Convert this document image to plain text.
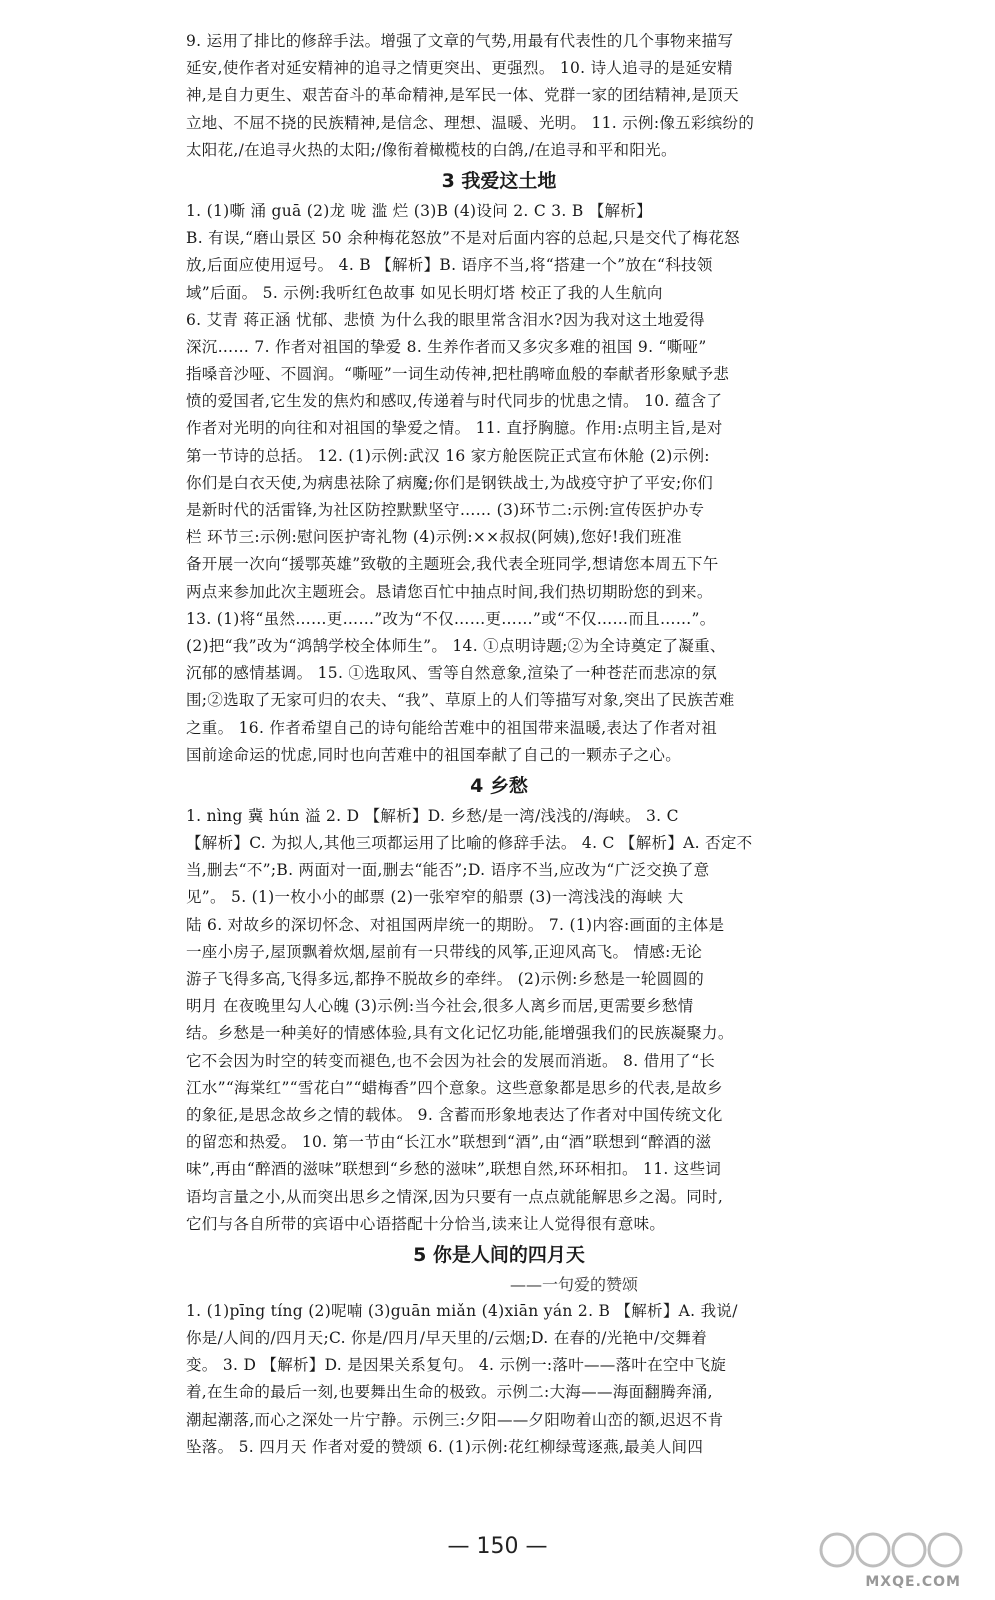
9. 运用了排比的修辞手法。增强了文章的气势,用最有代表性的几个事物来描写
延安,使作者对延安精神的追寻之情更突出、更强烈。 10. 诗人追寻的是延安精
神,是自力更生、艰苦奋斗的革命精神,是军民一体、党群一家的团结精神,是顶天
立地、不屈不挠的民族精神,是信念、理想、温暖、光明。 11. 示例:像五彩缤纷的
太阳花,/在追寻火热的太阳;/像衔着橄榄枝的白鸽,/在追寻和平和阳光。
3 我爱这土地
1. (1)嘶 涌 guā (2)龙 咙 滥 烂 (3)B (4)设问 2. C 3. B 【解析】
B. 有误,“磨山景区 50 余种梅花怒放”不是对后面内容的总起,只是交代了梅花怒
放,后面应使用逗号。 4. B 【解析】B. 语序不当,将“搭建一个”放在“科技领
域”后面。 5. 示例:我听红色故事 如见长明灯塔 校正了我的人生航向
6. 艾青 蒋正涵 忧郁、悲愤 为什么我的眼里常含泪水?因为我对这土地爱得
深沉…… 7. 作者对祖国的挚爱 8. 生养作者而又多灾多难的祖国 9. “嘶哑”
指嗓音沙哑、不圆润。“嘶哑”一词生动传神,把杜鹃啼血般的奉献者形象赋予悲
愤的爱国者,它生发的焦灼和感叹,传递着与时代同步的忧患之情。 10. 蕴含了
作者对光明的向往和对祖国的挚爱之情。 11. 直抒胸臆。作用:点明主旨,是对
第一节诗的总括。 12. (1)示例:武汉 16 家方舱医院正式宣布休舱 (2)示例:
你们是白衣天使,为病患祛除了病魔;你们是钢铁战士,为战疫守护了平安;你们
是新时代的活雷锋,为社区防控默默坚守…… (3)环节二:示例:宣传医护办专
栏 环节三:示例:慰问医护寄礼物 (4)示例:××叔叔(阿姨),您好!我们班准
备开展一次向“援鄂英雄”致敬的主题班会,我代表全班同学,想请您本周五下午
两点来参加此次主题班会。恳请您百忙中抽点时间,我们热切期盼您的到来。
13. (1)将“虽然……更……”改为“不仅……更……”或“不仅……而且……”。
(2)把“我”改为“鸿鹄学校全体师生”。 14. ①点明诗题;②为全诗奠定了凝重、
沉郁的感情基调。 15. ①选取风、雪等自然意象,渲染了一种苍茫而悲凉的氛
围;②选取了无家可归的农夫、“我”、草原上的人们等描写对象,突出了民族苦难
之重。 16. 作者希望自己的诗句能给苦难中的祖国带来温暖,表达了作者对祖
国前途命运的忧虑,同时也向苦难中的祖国奉献了自己的一颗赤子之心。
4 乡愁
1. nìng 冀 hún 溢 2. D 【解析】D. 乡愁/是一湾/浅浅的/海峡。 3. C
【解析】C. 为拟人,其他三项都运用了比喻的修辞手法。 4. C 【解析】A. 否定不
当,删去“不”;B. 两面对一面,删去“能否”;D. 语序不当,应改为“广泛交换了意
见”。 5. (1)一枚小小的邮票 (2)一张窄窄的船票 (3)一湾浅浅的海峡 大
陆 6. 对故乡的深切怀念、对祖国两岸统一的期盼。 7. (1)内容:画面的主体是
一座小房子,屋顶飘着炊烟,屋前有一只带线的风筝,正迎风高飞。 情感:无论
游子飞得多高,飞得多远,都挣不脱故乡的牵绊。 (2)示例:乡愁是一轮圆圆的
明月 在夜晚里勾人心魄 (3)示例:当今社会,很多人离乡而居,更需要乡愁情
结。乡愁是一种美好的情感体验,具有文化记忆功能,能增强我们的民族凝聚力。
它不会因为时空的转变而褪色,也不会因为社会的发展而消逝。 8. 借用了“长
江水”“海棠红”“雪花白”“蜡梅香”四个意象。这些意象都是思乡的代表,是故乡
的象征,是思念故乡之情的载体。 9. 含蓄而形象地表达了作者对中国传统文化
的留恋和热爱。 10. 第一节由“长江水”联想到“酒”,由“酒”联想到“醉酒的滋
味”,再由“醉酒的滋味”联想到“乡愁的滋味”,联想自然,环环相扣。 11. 这些词
语均言量之小,从而突出思乡之情深,因为只要有一点点就能解思乡之渴。同时,
它们与各自所带的宾语中心语搭配十分恰当,读来让人觉得很有意味。
5 你是人间的四月天
——一句爱的赞颂
1. (1)pīng tíng (2)呢喃 (3)guān miǎn (4)xiān yán 2. B 【解析】A. 我说/
你是/人间的/四月天;C. 你是/四月/早天里的/云烟;D. 在春的/光艳中/交舞着
变。 3. D 【解析】D. 是因果关系复句。 4. 示例一:落叶——落叶在空中飞旋
着,在生命的最后一刻,也要舞出生命的极致。示例二:大海——海面翻腾奔涌,
潮起潮落,而心之深处一片宁静。示例三:夕阳——夕阳吻着山峦的额,迟迟不肯
坠落。 5. 四月天 作者对爱的赞颂 6. (1)示例:花红柳绿莺逐燕,最美人间四
— 150 —
MXQE.COM
